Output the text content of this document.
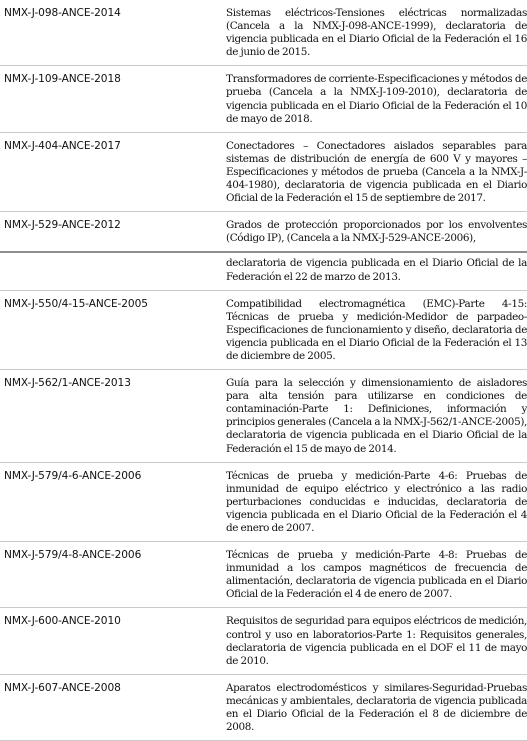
NMX-J-098-ANCE-2014	Sistemas eléctricos-Tensiones eléctricas normalizadas (Cancela a la NMX-J-098-ANCE-1999), declaratoria de vigencia publicada en el Diario Oficial de la Federación el 16 de junio de 2015.
NMX-J-109-ANCE-2018	Transformadores de corriente-Especificaciones y métodos de prueba (Cancela a la NMX-J-109-2010), declaratoria de vigencia publicada en el Diario Oficial de la Federación el 10 de mayo de 2018.
NMX-J-404-ANCE-2017	Conectadores – Conectadores aislados separables para sistemas de distribución de energía de 600 V y mayores – Especificaciones y métodos de prueba (Cancela a la NMX-J-404-1980), declaratoria de vigencia publicada en el Diario Oficial de la Federación el 15 de septiembre de 2017.
NMX-J-529-ANCE-2012	Grados de protección proporcionados por los envolventes (Código IP), (Cancela a la NMX-J-529-ANCE-2006),
	declaratoria de vigencia publicada en el Diario Oficial de la Federación el 22 de marzo de 2013.
NMX-J-550/4-15-ANCE-2005	Compatibilidad electromagnética (EMC)-Parte 4-15: Técnicas de prueba y medición-Medidor de parpadeo-Especificaciones de funcionamiento y diseño, declaratoria de vigencia publicada en el Diario Oficial de la Federación el 13 de diciembre de 2005.
NMX-J-562/1-ANCE-2013	Guía para la selección y dimensionamiento de aisladores para alta tensión para utilizarse en condiciones de contaminación-Parte 1: Definiciones, información y principios generales (Cancela a la NMX-J-562/1-ANCE-2005), declaratoria de vigencia publicada en el Diario Oficial de la Federación el 15 de mayo de 2014.
NMX-J-579/4-6-ANCE-2006	Técnicas de prueba y medición-Parte 4-6: Pruebas de inmunidad de equipo eléctrico y electrónico a las radio perturbaciones conducidas e inducidas, declaratoria de vigencia publicada en el Diario Oficial de la Federación el 4 de enero de 2007.
NMX-J-579/4-8-ANCE-2006	Técnicas de prueba y medición-Parte 4-8: Pruebas de inmunidad a los campos magnéticos de frecuencia de alimentación, declaratoria de vigencia publicada en el Diario Oficial de la Federación el 4 de enero de 2007.
NMX-J-600-ANCE-2010	Requisitos de seguridad para equipos eléctricos de medición, control y uso en laboratorios-Parte 1: Requisitos generales, declaratoria de vigencia publicada en el DOF el 11 de mayo de 2010.
NMX-J-607-ANCE-2008	Aparatos electrodomésticos y similares-Seguridad-Pruebas mecánicas y ambientales, declaratoria de vigencia publicada en el Diario Oficial de la Federación el 8 de diciembre de 2008.
